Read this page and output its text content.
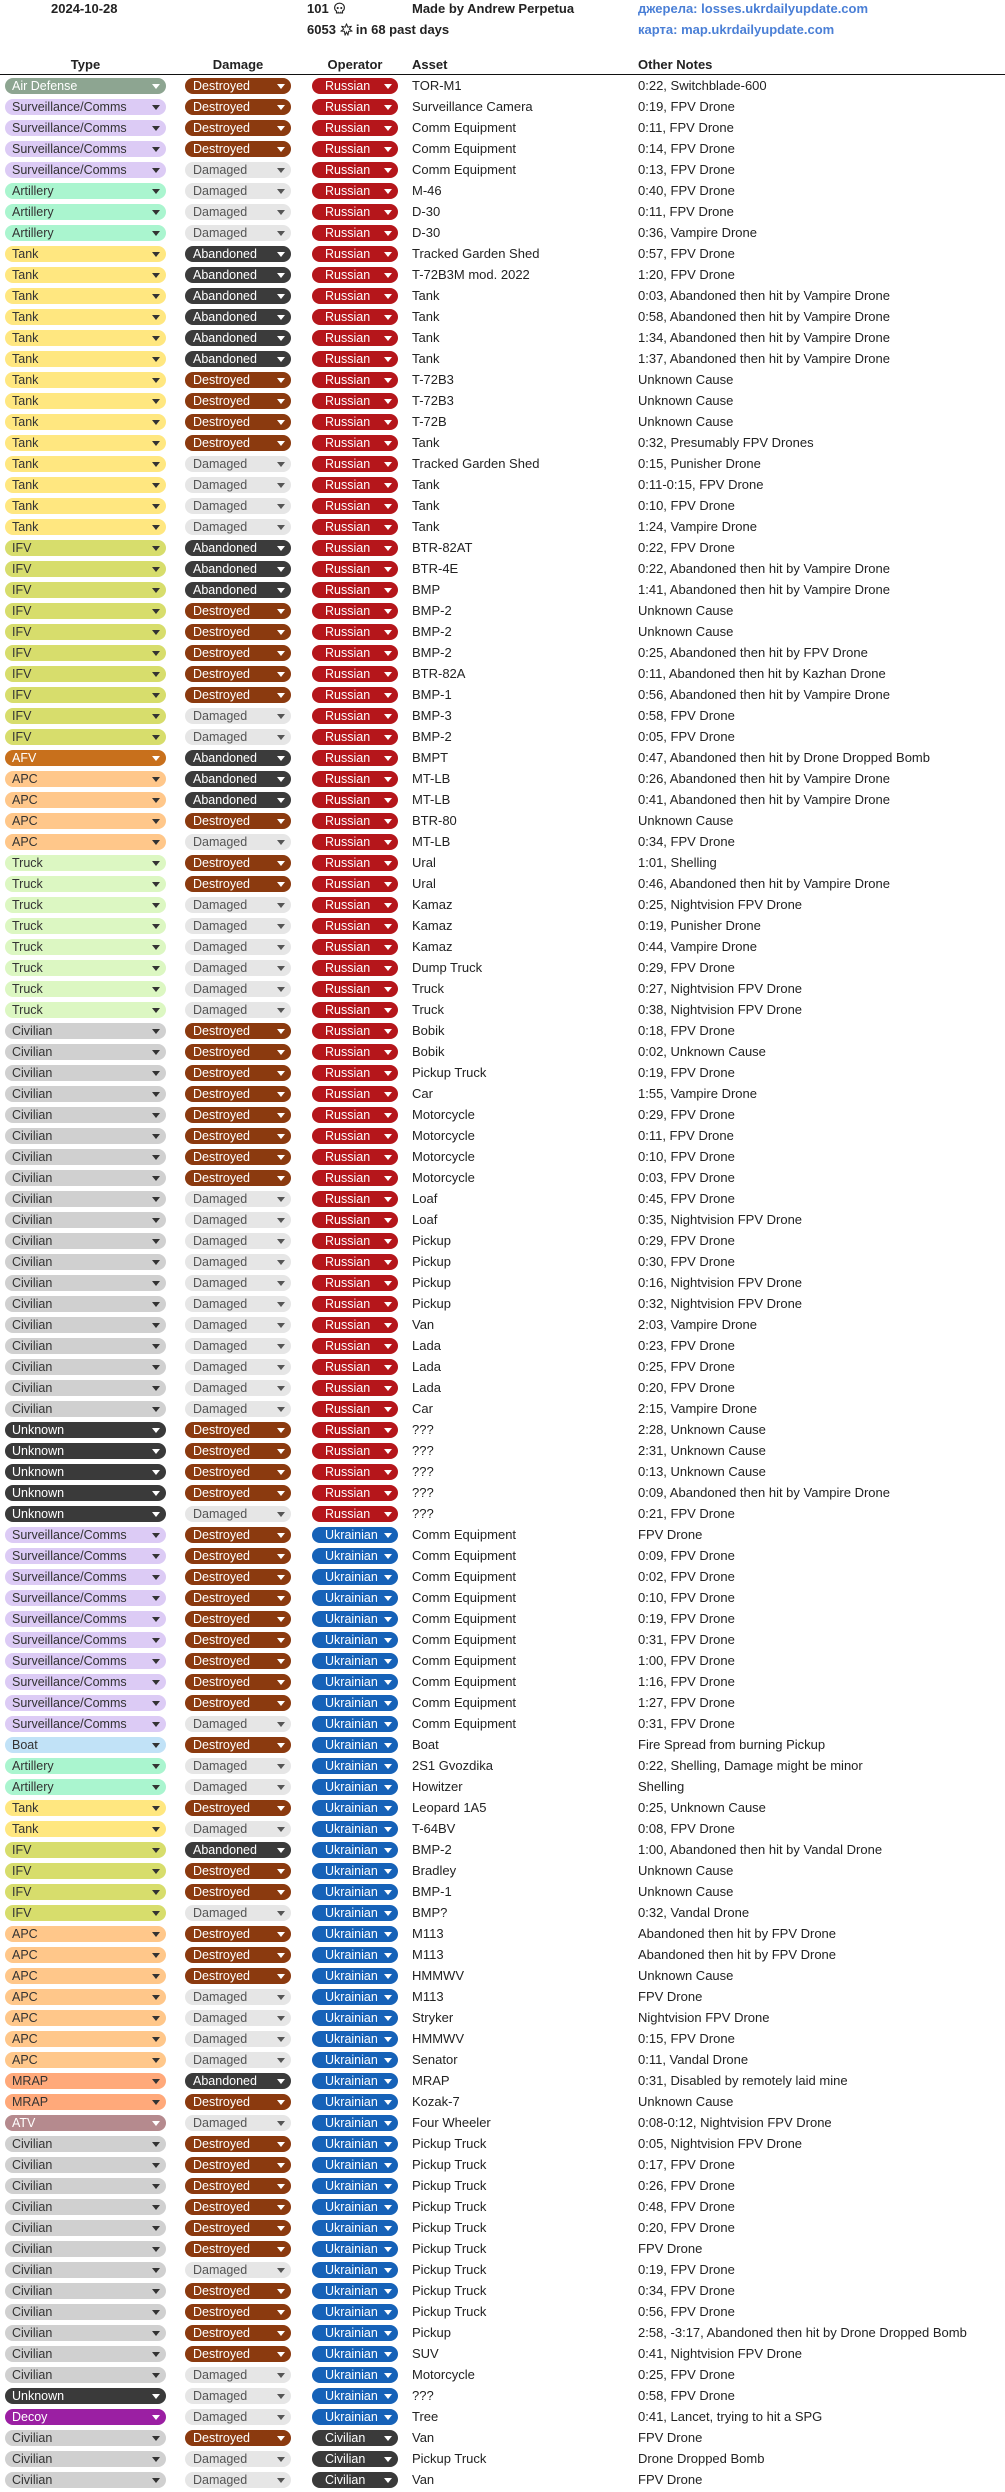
2024-10-28	101	Made by Andrew Perpetua	джерела: losses.ukrdailyupdate.com
6053 in 68 past days	карта: map.ukrdailyupdate.com
Type	Damage	Operator	Asset	Other Notes
Air Defense	Destroyed	Russian	TOR-M1	0:22, Switchblade-600
Surveillance/Comms	Destroyed	Russian	Surveillance Camera	0:19, FPV Drone
Surveillance/Comms	Destroyed	Russian	Comm Equipment	0:11, FPV Drone
Surveillance/Comms	Destroyed	Russian	Comm Equipment	0:14, FPV Drone
Surveillance/Comms	Damaged	Russian	Comm Equipment	0:13, FPV Drone
Artillery	Damaged	Russian	M-46	0:40, FPV Drone
Artillery	Damaged	Russian	D-30	0:11, FPV Drone
Artillery	Damaged	Russian	D-30	0:36, Vampire Drone
Tank	Abandoned	Russian	Tracked Garden Shed	0:57, FPV Drone
Tank	Abandoned	Russian	T-72B3M mod. 2022	1:20, FPV Drone
Tank	Abandoned	Russian	Tank	0:03, Abandoned then hit by Vampire Drone
Tank	Abandoned	Russian	Tank	0:58, Abandoned then hit by Vampire Drone
Tank	Abandoned	Russian	Tank	1:34, Abandoned then hit by Vampire Drone
Tank	Abandoned	Russian	Tank	1:37, Abandoned then hit by Vampire Drone
Tank	Destroyed	Russian	T-72B3	Unknown Cause
Tank	Destroyed	Russian	T-72B3	Unknown Cause
Tank	Destroyed	Russian	T-72B	Unknown Cause
Tank	Destroyed	Russian	Tank	0:32, Presumably FPV Drones
Tank	Damaged	Russian	Tracked Garden Shed	0:15, Punisher Drone
Tank	Damaged	Russian	Tank	0:11-0:15, FPV Drone
Tank	Damaged	Russian	Tank	0:10, FPV Drone
Tank	Damaged	Russian	Tank	1:24, Vampire Drone
IFV	Abandoned	Russian	BTR-82AT	0:22, FPV Drone
IFV	Abandoned	Russian	BTR-4E	0:22, Abandoned then hit by Vampire Drone
IFV	Abandoned	Russian	BMP	1:41, Abandoned then hit by Vampire Drone
IFV	Destroyed	Russian	BMP-2	Unknown Cause
IFV	Destroyed	Russian	BMP-2	Unknown Cause
IFV	Destroyed	Russian	BMP-2	0:25, Abandoned then hit by FPV Drone
IFV	Destroyed	Russian	BTR-82A	0:11, Abandoned then hit by Kazhan Drone
IFV	Destroyed	Russian	BMP-1	0:56, Abandoned then hit by Vampire Drone
IFV	Damaged	Russian	BMP-3	0:58, FPV Drone
IFV	Damaged	Russian	BMP-2	0:05, FPV Drone
AFV	Abandoned	Russian	BMPT	0:47, Abandoned then hit by Drone Dropped Bomb
APC	Abandoned	Russian	MT-LB	0:26, Abandoned then hit by Vampire Drone
APC	Abandoned	Russian	MT-LB	0:41, Abandoned then hit by Vampire Drone
APC	Destroyed	Russian	BTR-80	Unknown Cause
APC	Damaged	Russian	MT-LB	0:34, FPV Drone
Truck	Destroyed	Russian	Ural	1:01, Shelling
Truck	Destroyed	Russian	Ural	0:46, Abandoned then hit by Vampire Drone
Truck	Damaged	Russian	Kamaz	0:25, Nightvision FPV Drone
Truck	Damaged	Russian	Kamaz	0:19, Punisher Drone
Truck	Damaged	Russian	Kamaz	0:44, Vampire Drone
Truck	Damaged	Russian	Dump Truck	0:29, FPV Drone
Truck	Damaged	Russian	Truck	0:27, Nightvision FPV Drone
Truck	Damaged	Russian	Truck	0:38, Nightvision FPV Drone
Civilian	Destroyed	Russian	Bobik	0:18, FPV Drone
Civilian	Destroyed	Russian	Bobik	0:02, Unknown Cause
Civilian	Destroyed	Russian	Pickup Truck	0:19, FPV Drone
Civilian	Destroyed	Russian	Car	1:55, Vampire Drone
Civilian	Destroyed	Russian	Motorcycle	0:29, FPV Drone
Civilian	Destroyed	Russian	Motorcycle	0:11, FPV Drone
Civilian	Destroyed	Russian	Motorcycle	0:10, FPV Drone
Civilian	Destroyed	Russian	Motorcycle	0:03, FPV Drone
Civilian	Damaged	Russian	Loaf	0:45, FPV Drone
Civilian	Damaged	Russian	Loaf	0:35, Nightvision FPV Drone
Civilian	Damaged	Russian	Pickup	0:29, FPV Drone
Civilian	Damaged	Russian	Pickup	0:30, FPV Drone
Civilian	Damaged	Russian	Pickup	0:16, Nightvision FPV Drone
Civilian	Damaged	Russian	Pickup	0:32, Nightvision FPV Drone
Civilian	Damaged	Russian	Van	2:03, Vampire Drone
Civilian	Damaged	Russian	Lada	0:23, FPV Drone
Civilian	Damaged	Russian	Lada	0:25, FPV Drone
Civilian	Damaged	Russian	Lada	0:20, FPV Drone
Civilian	Damaged	Russian	Car	2:15, Vampire Drone
Unknown	Destroyed	Russian	???	2:28, Unknown Cause
Unknown	Destroyed	Russian	???	2:31, Unknown Cause
Unknown	Destroyed	Russian	???	0:13, Unknown Cause
Unknown	Destroyed	Russian	???	0:09, Abandoned then hit by Vampire Drone
Unknown	Damaged	Russian	???	0:21, FPV Drone
Surveillance/Comms	Destroyed	Ukrainian	Comm Equipment	FPV Drone
Surveillance/Comms	Destroyed	Ukrainian	Comm Equipment	0:09, FPV Drone
Surveillance/Comms	Destroyed	Ukrainian	Comm Equipment	0:02, FPV Drone
Surveillance/Comms	Destroyed	Ukrainian	Comm Equipment	0:10, FPV Drone
Surveillance/Comms	Destroyed	Ukrainian	Comm Equipment	0:19, FPV Drone
Surveillance/Comms	Destroyed	Ukrainian	Comm Equipment	0:31, FPV Drone
Surveillance/Comms	Destroyed	Ukrainian	Comm Equipment	1:00, FPV Drone
Surveillance/Comms	Destroyed	Ukrainian	Comm Equipment	1:16, FPV Drone
Surveillance/Comms	Destroyed	Ukrainian	Comm Equipment	1:27, FPV Drone
Surveillance/Comms	Damaged	Ukrainian	Comm Equipment	0:31, FPV Drone
Boat	Destroyed	Ukrainian	Boat	Fire Spread from burning Pickup
Artillery	Damaged	Ukrainian	2S1 Gvozdika	0:22, Shelling, Damage might be minor
Artillery	Damaged	Ukrainian	Howitzer	Shelling
Tank	Destroyed	Ukrainian	Leopard 1A5	0:25, Unknown Cause
Tank	Damaged	Ukrainian	T-64BV	0:08, FPV Drone
IFV	Abandoned	Ukrainian	BMP-2	1:00, Abandoned then hit by Vandal Drone
IFV	Destroyed	Ukrainian	Bradley	Unknown Cause
IFV	Destroyed	Ukrainian	BMP-1	Unknown Cause
IFV	Damaged	Ukrainian	BMP?	0:32, Vandal Drone
APC	Destroyed	Ukrainian	M113	Abandoned then hit by FPV Drone
APC	Destroyed	Ukrainian	M113	Abandoned then hit by FPV Drone
APC	Destroyed	Ukrainian	HMMWV	Unknown Cause
APC	Damaged	Ukrainian	M113	FPV Drone
APC	Damaged	Ukrainian	Stryker	Nightvision FPV Drone
APC	Damaged	Ukrainian	HMMWV	0:15, FPV Drone
APC	Damaged	Ukrainian	Senator	0:11, Vandal Drone
MRAP	Abandoned	Ukrainian	MRAP	0:31, Disabled by remotely laid mine
MRAP	Destroyed	Ukrainian	Kozak-7	Unknown Cause
ATV	Damaged	Ukrainian	Four Wheeler	0:08-0:12, Nightvision FPV Drone
Civilian	Destroyed	Ukrainian	Pickup Truck	0:05, Nightvision FPV Drone
Civilian	Destroyed	Ukrainian	Pickup Truck	0:17, FPV Drone
Civilian	Destroyed	Ukrainian	Pickup Truck	0:26, FPV Drone
Civilian	Destroyed	Ukrainian	Pickup Truck	0:48, FPV Drone
Civilian	Destroyed	Ukrainian	Pickup Truck	0:20, FPV Drone
Civilian	Destroyed	Ukrainian	Pickup Truck	FPV Drone
Civilian	Damaged	Ukrainian	Pickup Truck	0:19, FPV Drone
Civilian	Destroyed	Ukrainian	Pickup Truck	0:34, FPV Drone
Civilian	Destroyed	Ukrainian	Pickup Truck	0:56, FPV Drone
Civilian	Destroyed	Ukrainian	Pickup	2:58, -3:17, Abandoned then hit by Drone Dropped Bomb
Civilian	Destroyed	Ukrainian	SUV	0:41, Nightvision FPV Drone
Civilian	Damaged	Ukrainian	Motorcycle	0:25, FPV Drone
Unknown	Damaged	Ukrainian	???	0:58, FPV Drone
Decoy	Damaged	Ukrainian	Tree	0:41, Lancet, trying to hit a SPG
Civilian	Destroyed	Civilian	Van	FPV Drone
Civilian	Damaged	Civilian	Pickup Truck	Drone Dropped Bomb
Civilian	Damaged	Civilian	Van	FPV Drone
